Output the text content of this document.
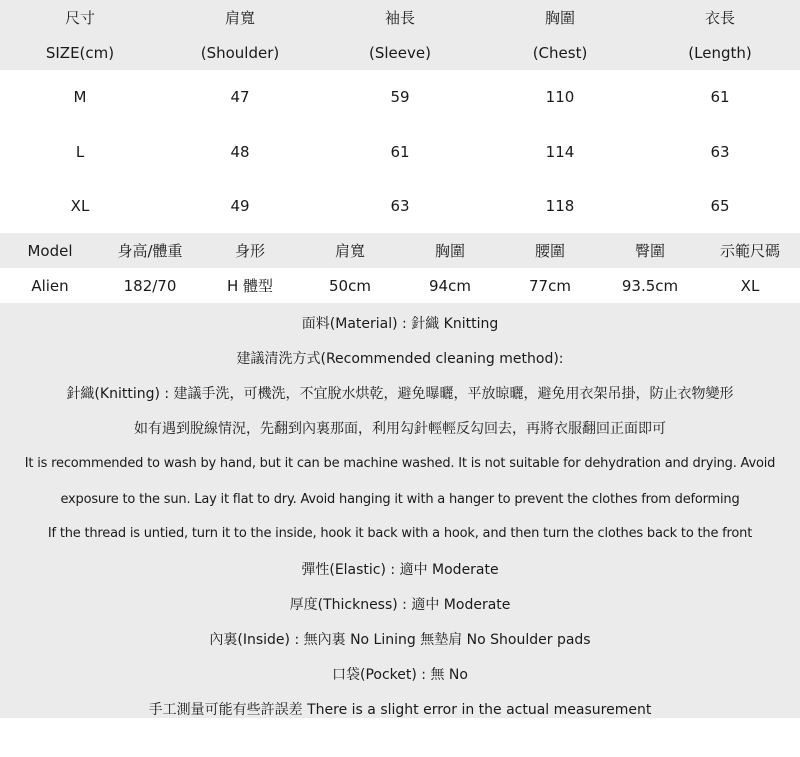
尺寸	肩寬	袖長	胸圍	衣長
SIZE(cm)	(Shoulder)	(Sleeve)	(Chest)	(Length)
M	47	59	110	61
L	48	61	114	63
XL	49	63	118	65
Model	身高/體重	身形	肩寬	胸圍	腰圍	臀圍	示範尺碼
Alien	182/70	H 體型	50cm	94cm	77cm	93.5cm	XL
面料(Material) : 針織 Knitting
建議清洗方式(Recommended cleaning method):
針織(Knitting) : 建議手洗，可機洗，不宜脫水烘乾，避免曝曬，平放晾曬，避免用衣架吊掛，防止衣物變形
如有遇到脫線情況，先翻到內裏那面，利用勾針輕輕反勾回去，再將衣服翻回正面即可
It is recommended to wash by hand, but it can be machine washed. It is not suitable for dehydration and drying. Avoid
exposure to the sun. Lay it flat to dry. Avoid hanging it with a hanger to prevent the clothes from deforming
If the thread is untied, turn it to the inside, hook it back with a hook, and then turn the clothes back to the front
彈性(Elastic) : 適中 Moderate
厚度(Thickness) : 適中 Moderate
內裏(Inside) : 無內裏 No Lining 無墊肩 No Shoulder pads
口袋(Pocket) : 無 No
手工測量可能有些許誤差 There is a slight error in the actual measurement
